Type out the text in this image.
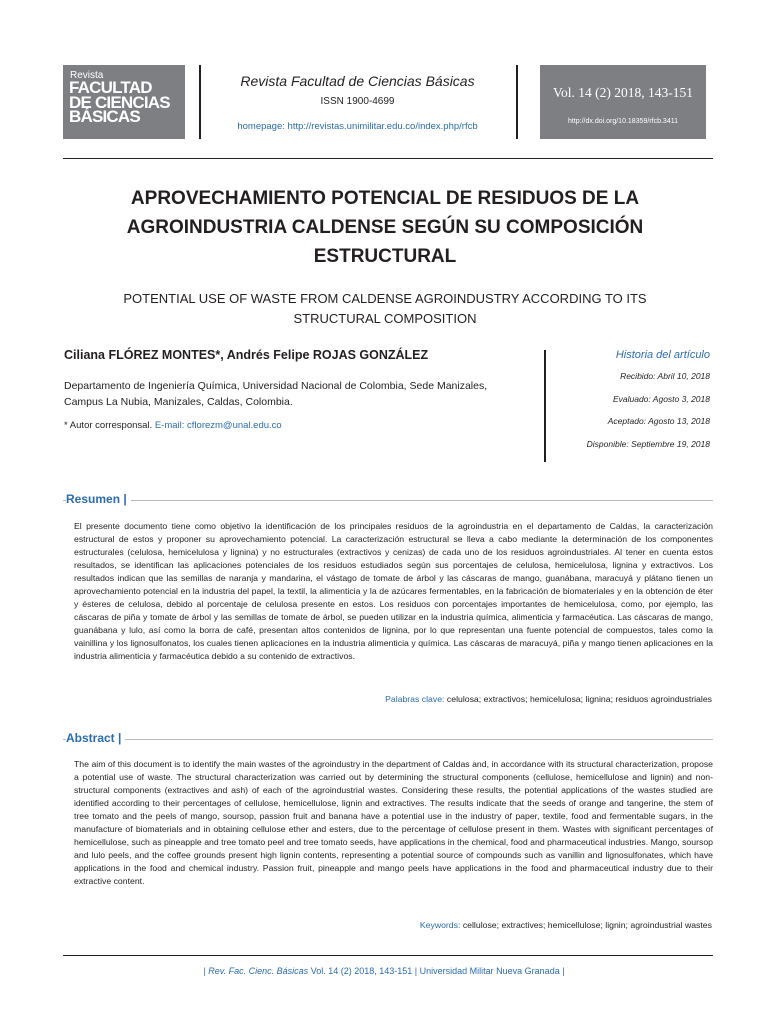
Revista
FACULTAD
DE CIENCIAS
BÁSICAS
Revista Facultad de Ciencias Básicas
ISSN 1900-4699
homepage: http://revistas.unimilitar.edu.co/index.php/rfcb
Vol. 14 (2) 2018, 143-151
http://dx.doi.org/10.18359/rfcb.3411
APROVECHAMIENTO POTENCIAL DE RESIDUOS DE LA AGROINDUSTRIA CALDENSE SEGÚN SU COMPOSICIÓN ESTRUCTURAL
POTENTIAL USE OF WASTE FROM CALDENSE AGROINDUSTRY ACCORDING TO ITS STRUCTURAL COMPOSITION
Ciliana FLÓREZ MONTES*, Andrés Felipe ROJAS GONZÁLEZ
Departamento de Ingeniería Química, Universidad Nacional de Colombia, Sede Manizales, Campus La Nubia, Manizales, Caldas, Colombia.
* Autor corresponsal. E-mail: cflorezm@unal.edu.co
Historia del artículo
Recibido: Abril 10, 2018
Evaluado: Agosto 3, 2018
Aceptado: Agosto 13, 2018
Disponible: Septiembre 19, 2018
Resumen |
El presente documento tiene como objetivo la identificación de los principales residuos de la agroindustria en el departamento de Caldas, la caracterización estructural de estos y proponer su aprovechamiento potencial. La caracterización estructural se lleva a cabo mediante la determinación de los componentes estructurales (celulosa, hemicelulosa y lignina) y no estructurales (extractivos y cenizas) de cada uno de los residuos agroindustriales. Al tener en cuenta estos resultados, se identifican las aplicaciones potenciales de los residuos estudiados según sus porcentajes de celulosa, hemicelulosa, lignina y extractivos. Los resultados indican que las semillas de naranja y mandarina, el vástago de tomate de árbol y las cáscaras de mango, guanábana, maracuyá y plátano tienen un aprovechamiento potencial en la industria del papel, la textil, la alimenticia y la de azúcares fermentables, en la fabricación de biomateriales y en la obtención de éter y ésteres de celulosa, debido al porcentaje de celulosa presente en estos. Los residuos con porcentajes importantes de hemicelulosa, como, por ejemplo, las cáscaras de piña y tomate de árbol y las semillas de tomate de árbol, se pueden utilizar en la industria química, alimenticia y farmacéutica. Las cáscaras de mango, guanábana y lulo, así como la borra de café, presentan altos contenidos de lignina, por lo que representan una fuente potencial de compuestos, tales como la vainillina y los lignosulfonatos, los cuales tienen aplicaciones en la industria alimenticia y química. Las cáscaras de maracuyá, piña y mango tienen aplicaciones en la industria alimenticia y farmacéutica debido a su contenido de extractivos.
Palabras clave: celulosa; extractivos; hemicelulosa; lignina; residuos agroindustriales
Abstract |
The aim of this document is to identify the main wastes of the agroindustry in the department of Caldas and, in accordance with its structural characterization, propose a potential use of waste. The structural characterization was carried out by determining the structural components (cellulose, hemicellulose and lignin) and non-structural components (extractives and ash) of each of the agroindustrial wastes. Considering these results, the potential applications of the wastes studied are identified according to their percentages of cellulose, hemicellulose, lignin and extractives. The results indicate that the seeds of orange and tangerine, the stem of tree tomato and the peels of mango, soursop, passion fruit and banana have a potential use in the industry of paper, textile, food and fermentable sugars, in the manufacture of biomaterials and in obtaining cellulose ether and esters, due to the percentage of cellulose present in them. Wastes with significant percentages of hemicellulose, such as pineapple and tree tomato peel and tree tomato seeds, have applications in the chemical, food and pharmaceutical industries. Mango, soursop and lulo peels, and the coffee grounds present high lignin contents, representing a potential source of compounds such as vanillin and lignosulfonates, which have applications in the food and chemical industry. Passion fruit, pineapple and mango peels have applications in the food and pharmaceutical industry due to their extractive content.
Keywords: cellulose; extractives; hemicellulose; lignin; agroindustrial wastes
| Rev. Fac. Cienc. Básicas Vol. 14 (2) 2018, 143-151 | Universidad Militar Nueva Granada |
